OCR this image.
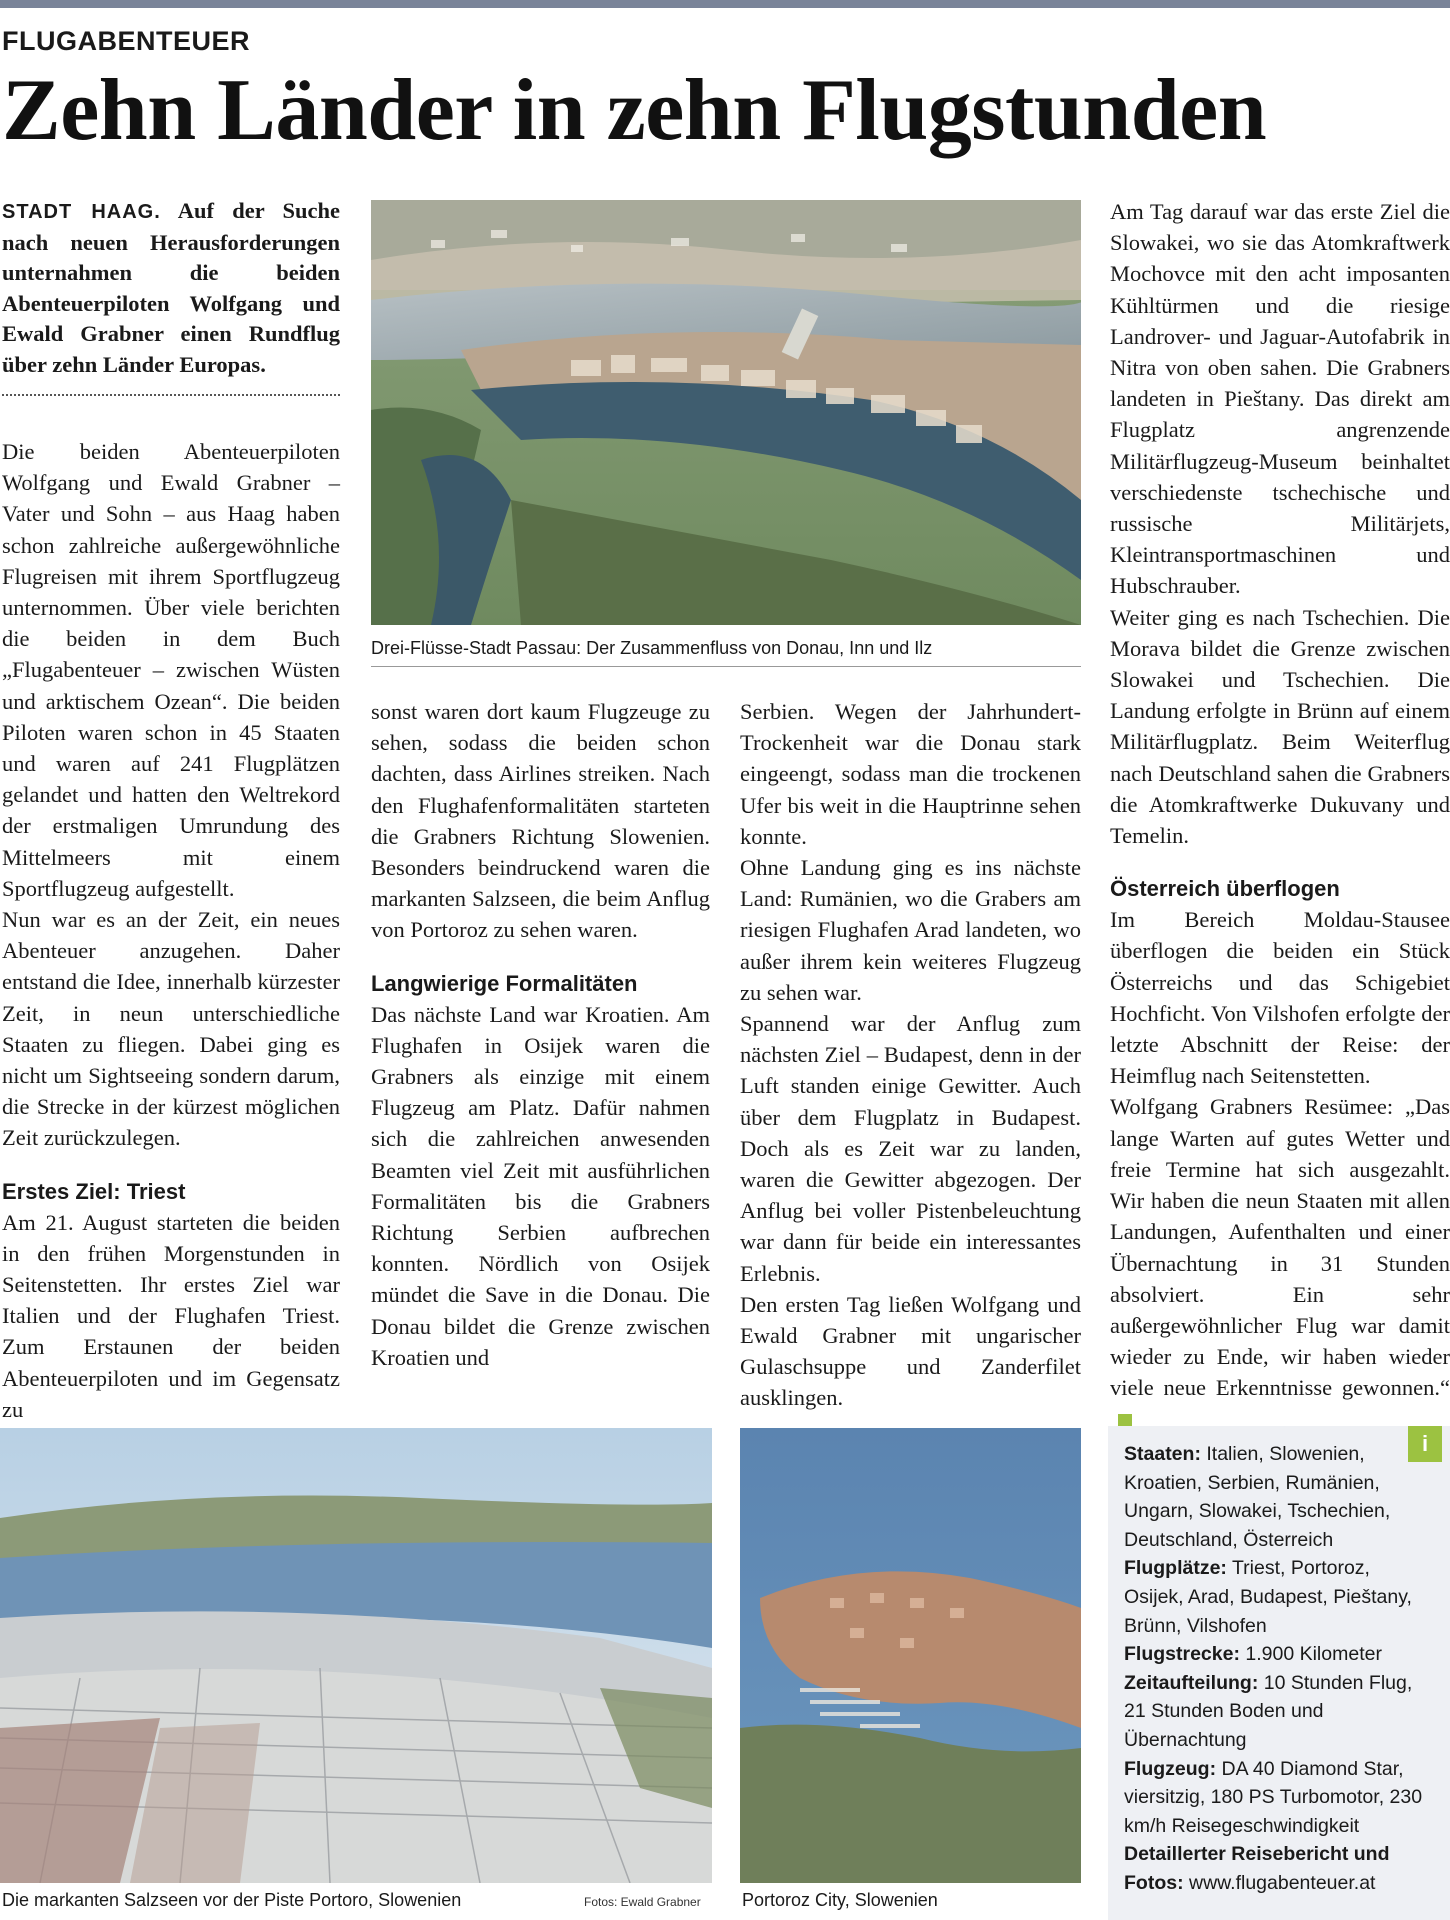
FLUGABENTEUER
Zehn Länder in zehn Flugstunden

STADT HAAG. Auf der Suche nach neuen Herausforderungen unternahmen die beiden Abenteuerpiloten Wolfgang und Ewald Grabner einen Rundflug über zehn Länder Europas.

Die beiden Abenteuerpiloten Wolfgang und Ewald Grabner – Vater und Sohn – aus Haag haben schon zahlreiche außergewöhnliche Flugreisen mit ihrem Sportflugzeug unternommen. Über viele berichten die beiden in dem Buch „Flugabenteuer – zwischen Wüsten und arktischem Ozean“. Die beiden Piloten waren schon in 45 Staaten und waren auf 241 Flugplätzen gelandet und hatten den Weltrekord der erstmaligen Umrundung des Mittelmeers mit einem Sportflugzeug aufgestellt.

Nun war es an der Zeit, ein neues Abenteuer anzugehen. Daher entstand die Idee, innerhalb kürzester Zeit, in neun unterschiedliche Staaten zu fliegen. Dabei ging es nicht um Sightseeing sondern darum, die Strecke in der kürzest möglichen Zeit zurückzulegen.

Erstes Ziel: Triest

Am 21. August starteten die beiden in den frühen Morgenstunden in Seitenstetten. Ihr erstes Ziel war Italien und der Flughafen Triest. Zum Erstaunen der beiden Abenteuerpiloten und im Gegensatz zu

Drei-Flüsse-Stadt Passau: Der Zusammenfluss von Donau, Inn und Ilz

sonst waren dort kaum Flugzeuge zu sehen, sodass die beiden schon dachten, dass Airlines streiken. Nach den Flughafenformalitäten starteten die Grabners Richtung Slowenien. Besonders beindruckend waren die markanten Salzseen, die beim Anflug von Portoroz zu sehen waren.

Langwierige Formalitäten

Das nächste Land war Kroatien. Am Flughafen in Osijek waren die Grabners als einzige mit einem Flugzeug am Platz. Dafür nahmen sich die zahlreichen anwesenden Beamten viel Zeit mit ausführlichen Formalitäten bis die Grabners Richtung Serbien aufbrechen konnten. Nördlich von Osijek mündet die Save in die Donau. Die Donau bildet die Grenze zwischen Kroatien und

Serbien. Wegen der Jahrhundert-Trockenheit war die Donau stark eingeengt, sodass man die trockenen Ufer bis weit in die Hauptrinne sehen konnte.

Ohne Landung ging es ins nächste Land: Rumänien, wo die Grabers am riesigen Flughafen Arad landeten, wo außer ihrem kein weiteres Flugzeug zu sehen war.

Spannend war der Anflug zum nächsten Ziel – Budapest, denn in der Luft standen einige Gewitter. Auch über dem Flugplatz in Budapest. Doch als es Zeit war zu landen, waren die Gewitter abgezogen. Der Anflug bei voller Pistenbeleuchtung war dann für beide ein interessantes Erlebnis.

Den ersten Tag ließen Wolfgang und Ewald Grabner mit ungarischer Gulaschsuppe und Zanderfilet ausklingen.

Am Tag darauf war das erste Ziel die Slowakei, wo sie das Atomkraftwerk Mochovce mit den acht imposanten Kühltürmen und die riesige Landrover- und Jaguar-Autofabrik in Nitra von oben sahen. Die Grabners landeten in Pieštany. Das direkt am Flugplatz angrenzende Militärflugzeug-Museum beinhaltet verschiedenste tschechische und russische Militärjets, Kleintransportmaschinen und Hubschrauber.

Weiter ging es nach Tschechien. Die Morava bildet die Grenze zwischen Slowakei und Tschechien. Die Landung erfolgte in Brünn auf einem Militärflugplatz. Beim Weiterflug nach Deutschland sahen die Grabners die Atomkraftwerke Dukuvany und Temelin.

Österreich überflogen

Im Bereich Moldau-Stausee überflogen die beiden ein Stück Österreichs und das Schigebiet Hochficht. Von Vilshofen erfolgte der letzte Abschnitt der Reise: der Heimflug nach Seitenstetten.

Wolfgang Grabners Resümee: „Das lange Warten auf gutes Wetter und freie Termine hat sich ausgezahlt. Wir haben die neun Staaten mit allen Landungen, Aufenthalten und einer Übernachtung in 31 Stunden absolviert. Ein sehr außergewöhnlicher Flug war damit wieder zu Ende, wir haben wieder viele neue Erkenntnisse gewonnen.“

Die markanten Salzseen vor der Piste Portoro, Slowenien	Fotos: Ewald Grabner Portoroz City, Slowenien
i
Staaten: Italien, Slowenien, Kroatien, Serbien, Rumänien, Ungarn, Slowakei, Tschechien, Deutschland, Österreich
Flugplätze: Triest, Portoroz, Osijek, Arad, Budapest, Pieštany, Brünn, Vilshofen
Flugstrecke: 1.900 Kilometer
Zeitaufteilung: 10 Stunden Flug, 21 Stunden Boden und Übernachtung
Flugzeug: DA 40 Diamond Star, viersitzig, 180 PS Turbomotor, 230 km/h Reisegeschwindigkeit
Detaillerter Reisebericht und Fotos: www.flugabenteuer.at
